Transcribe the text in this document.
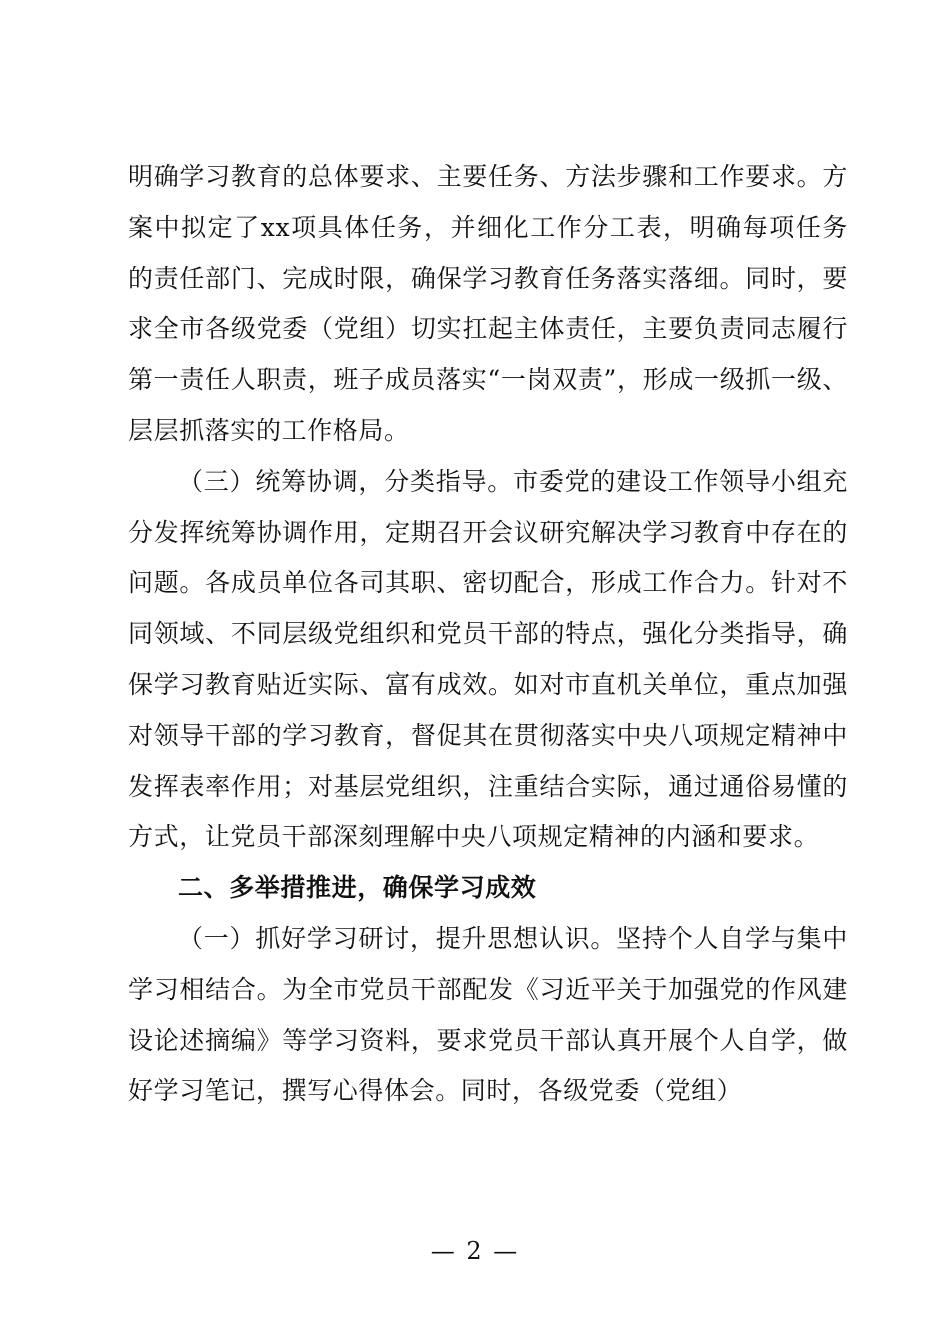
明确学习教育的总体要求、主要任务、方法步骤和工作要求。方案中拟定了xx项具体任务，并细化工作分工表，明确每项任务的责任部门、完成时限，确保学习教育任务落实落细。同时，要求全市各级党委（党组）切实扛起主体责任，主要负责同志履行第一责任人职责，班子成员落实“一岗双责”，形成一级抓一级、层层抓落实的工作格局。

（三）统筹协调，分类指导。市委党的建设工作领导小组充分发挥统筹协调作用，定期召开会议研究解决学习教育中存在的问题。各成员单位各司其职、密切配合，形成工作合力。针对不同领域、不同层级党组织和党员干部的特点，强化分类指导，确保学习教育贴近实际、富有成效。如对市直机关单位，重点加强对领导干部的学习教育，督促其在贯彻落实中央八项规定精神中发挥表率作用；对基层党组织，注重结合实际，通过通俗易懂的方式，让党员干部深刻理解中央八项规定精神的内涵和要求。

二、多举措推进，确保学习成效

（一）抓好学习研讨，提升思想认识。坚持个人自学与集中学习相结合。为全市党员干部配发《习近平关于加强党的作风建设论述摘编》等学习资料，要求党员干部认真开展个人自学，做好学习笔记，撰写心得体会。同时，各级党委（党组）

— 2 —
